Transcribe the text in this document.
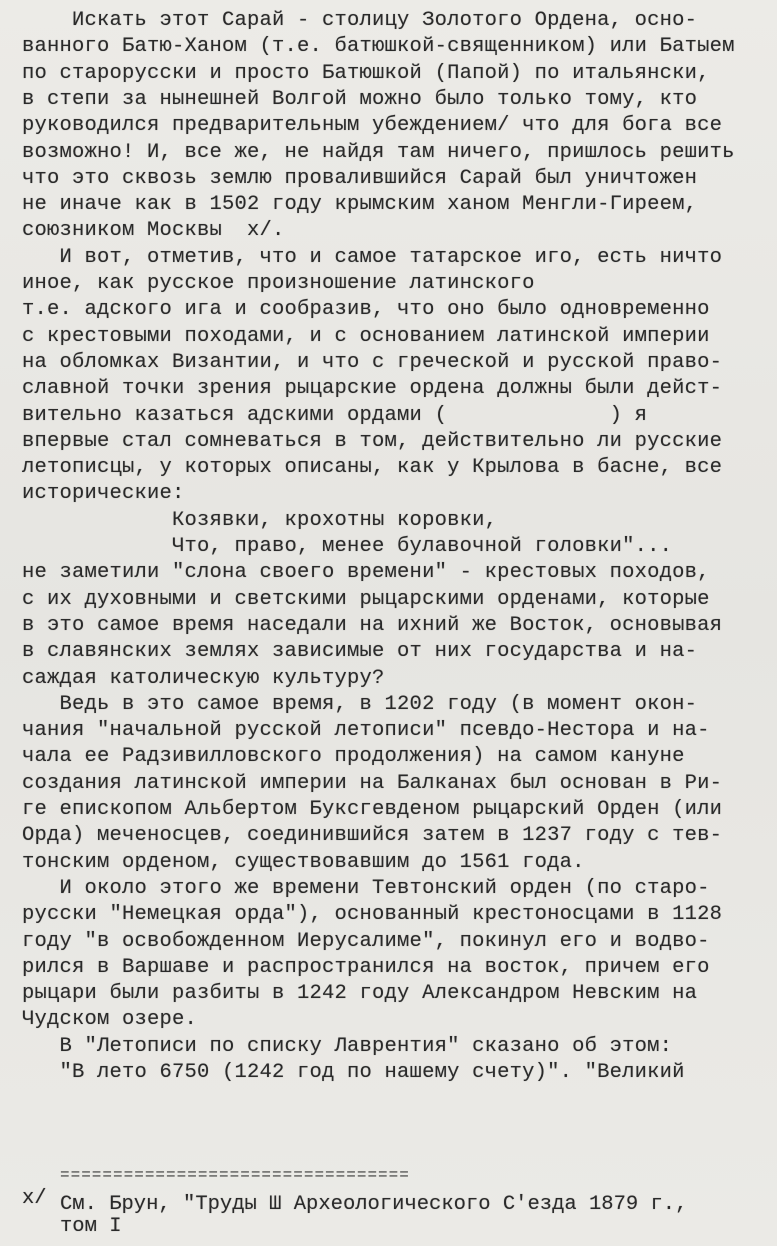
Искать этот Сарай - столицу Золотого Ордена, осно-
ванного Батю-Ханом (т.е. батюшкой-священником) или Батыем
по старорусски и просто Батюшкой (Папой) по итальянски,
в степи за нынешней Волгой можно было только тому, кто
руководился предварительным убеждением/ что для бога все
возможно! И, все же, не найдя там ничего, пришлось решить
что это сквозь землю провалившийся Сарай был уничтожен
не иначе как в 1502 году крымским ханом Менгли-Гиреем,
союзником Москвы  x/.
И вот, отметив, что и самое татарское иго, есть ничто
иное, как русское произношение латинского
т.е. адского ига и сообразив, что оно было одновременно
с крестовыми походами, и с основанием латинской империи
на обломках Византии, и что с греческой и русской право-
славной точки зрения рыцарские ордена должны были дейст-
вительно казаться адскими ордами (             ) я
впервые стал сомневаться в том, действительно ли русские
летописцы, у которых описаны, как у Крылова в басне, все
исторические:
Козявки, крохотны коровки,
Что, право, менее булавочной головки"...
не заметили "слона своего времени" - крестовых походов,
с их духовными и светскими рыцарскими орденами, которые
в это самое время наседали на ихний же Восток, основывая
в славянских землях зависимые от них государства и на-
саждая католическую культуру?
Ведь в это самое время, в 1202 году (в момент окон-
чания "начальной русской летописи" псевдо-Нестора и на-
чала ее Радзивилловского продолжения) на самом кануне
создания латинской империи на Балканах был основан в Ри-
ге епископом Альбертом Буксгевденом рыцарский Орден (или
Орда) меченосцев, соединившийся затем в 1237 году с тев-
тонским орденом, существовавшим до 1561 года.
И около этого же времени Тевтонский орден (по старо-
русски "Немецкая орда"), основанный крестоносцами в 1128
году "в освобожденном Иерусалиме", покинул его и водво-
рился в Варшаве и распространился на восток, причем его
рыцари были разбиты в 1242 году Александром Невским на
Чудском озере.
В "Летописи по списку Лаврентия" сказано об этом:
"В лето 6750 (1242 год по нашему счету)". "Великий
=================================
x/ См. Брун, "Труды Ш Археологического С'езда 1879 г.,
том I
